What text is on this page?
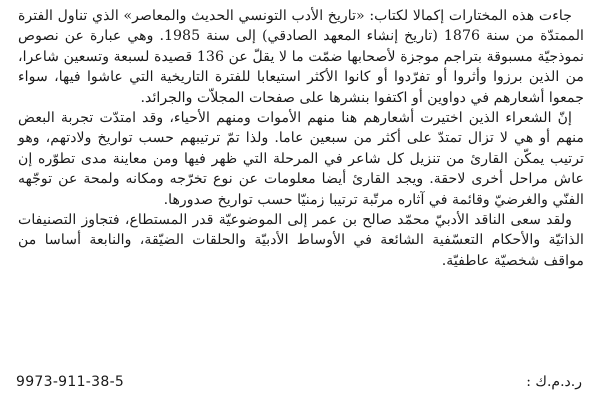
جاءت هذه المختارات إكمالا لكتاب: «تاريخ الأدب التونسي الحديث والمعاصر» الذي تناول الفترة الممتدّة من سنة 1876 (تاريخ إنشاء المعهد الصادقي) إلى سنة 1985. وهي عبارة عن نصوص نموذجيّة مسبوقة بتراجم موجزة لأصحابها ضمّت ما لا يقلّ عن 136 قصيدة لسبعة وتسعين شاعرا، من الذين برزوا وأثروا أو تفرّدوا أو كانوا الأكثر استيعابا للفترة التاريخية التي عاشوا فيها، سواء جمعوا أشعارهم في دواوين أو اكتفوا بنشرها على صفحات المجلاّت والجرائد.

إنّ الشعراء الذين اختيرت أشعارهم هنا منهم الأموات ومنهم الأحياء، وقد امتدّت تجربة البعض منهم أو هي لا تزال تمتدّ على أكثر من سبعين عاما. ولذا تمّ ترتيبهم حسب تواريخ ولادتهم، وهو ترتيب يمكّن القارئ من تنزيل كل شاعر في المرحلة التي ظهر فيها ومن معاينة مدى تطوّره إن عاش مراحل أخرى لاحقة. ويجد القارئ أيضا معلومات عن نوع تخرّجه ومكانه ولمحة عن توجّهه الفنّي والغرضيّ وقائمة في آثاره مرتّبة ترتيبا زمنيّا حسب تواريخ صدورها.

ولقد سعى الناقد الأدبيّ محمّد صالح بن عمر إلى الموضوعيّة قدر المستطاع، فتجاوز التصنيفات الذاتيّة والأحكام التعسّفية الشائعة في الأوساط الأدبيّة والحلقات الضيّقة، والنابعة أساسا من مواقف شخصيّة عاطفيّة.

9973-911-38-5	ر.د.م.ك :
